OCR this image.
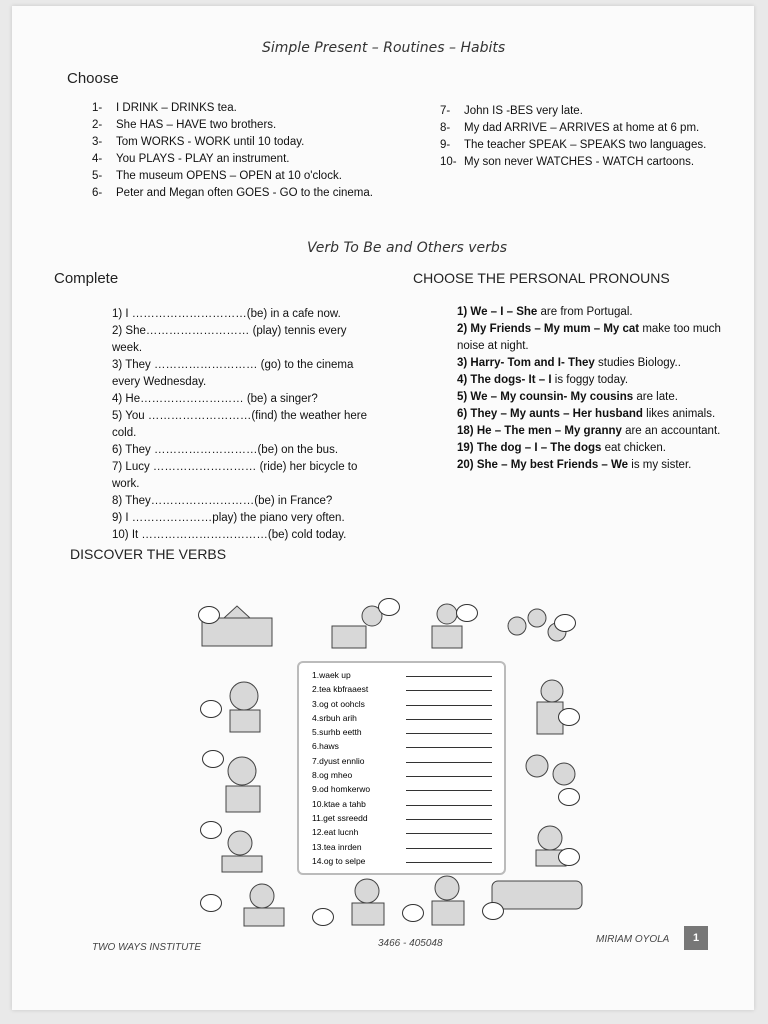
Simple Present – Routines – Habits
Choose
1-	I DRINK – DRINKS tea.
2-	She HAS – HAVE two brothers.
3-	Tom WORKS - WORK until 10 today.
4-	You PLAYS - PLAY an instrument.
5-	The museum OPENS – OPEN at 10 o'clock.
6-	Peter and Megan often GOES - GO to the cinema.
7-	John IS -BES very late.
8-	My dad ARRIVE – ARRIVES at home at 6 pm.
9-	The teacher SPEAK – SPEAKS two languages.
10- My son never WATCHES - WATCH cartoons.
Verb To Be and Others verbs
Complete	CHOOSE THE PERSONAL PRONOUNS
1) I …………………………(be) in a cafe now.
2) She……………………… (play) tennis every week.
3) They ……………………… (go) to the cinema every Wednesday.
4) He……………………… (be) a singer?
5) You ………………………(find) the weather here cold.
6) They ………………………(be) on the bus.
7) Lucy ……………………… (ride) her bicycle to work.
8) They………………………(be) in France?
9) I …………………play) the piano very often.
10) It ……………………………(be) cold today.
1) We – I – She are from Portugal.
2) My Friends – My mum – My cat make too much noise at night.
3) Harry- Tom and I- They studies Biology..
4) The dogs- It – I is foggy today.
5) We – My counsin- My cousins are late.
6) They – My aunts – Her husband likes animals.
18) He – The men – My granny are an accountant.
19) The dog – I – The dogs eat chicken.
20) She – My best Friends – We is my sister.
DISCOVER THE VERBS
1.waek up
2.tea kbfraaest
3.og ot oohcls
4.srbuh arih
5.surhb eetth
6.haws
7.dyust ennlio
8.og mheo
9.od homkerwo
10.ktae a tahb
11.get ssreedd
12.eat lucnh
13.tea inrden
14.og to selpe
TWO WAYS INSTITUTE	3466 - 405048	MIRIAM OYOLA	1
